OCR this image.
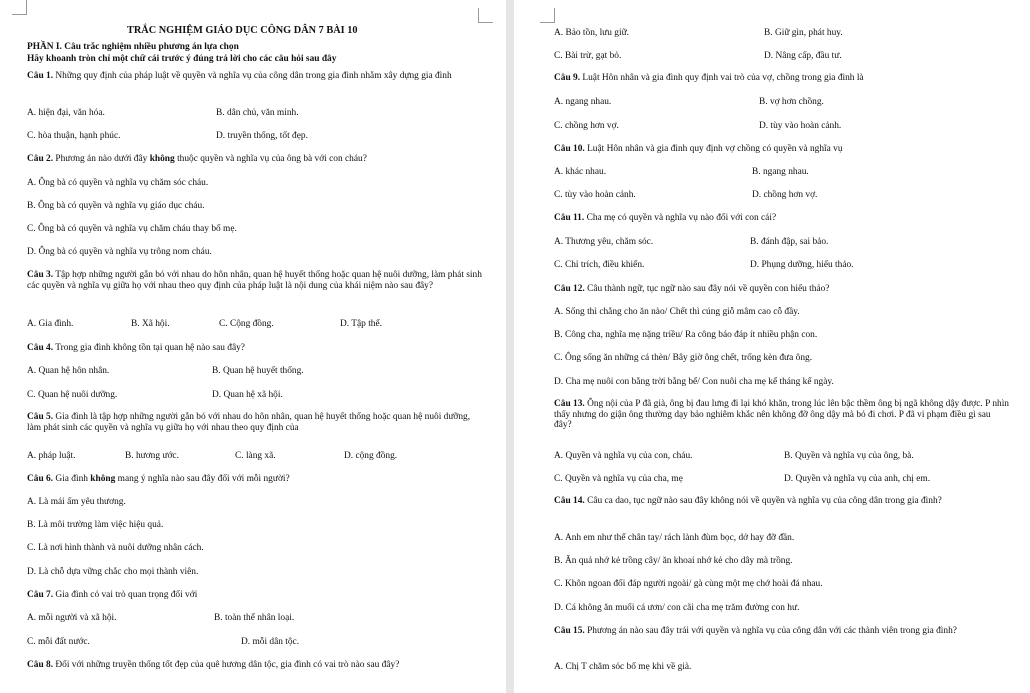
TRẮC NGHIỆM GIÁO DỤC CÔNG DÂN 7 BÀI 10
PHẦN I. Câu trắc nghiệm nhiều phương án lựa chọn
Hãy khoanh tròn chỉ một chữ cái trước ý đúng trả lời cho các câu hỏi sau đây
Câu 1. Những quy định của pháp luật về quyền và nghĩa vụ của công dân trong gia đình nhằm xây dựng gia đình
A. hiện đại, văn hóa.	B. dân chủ, văn minh.
C. hòa thuận, hạnh phúc.	D. truyền thống, tốt đẹp.
Câu 2. Phương án nào dưới đây không thuộc quyền và nghĩa vụ của ông bà với con cháu?
A. Ông bà có quyền và nghĩa vụ chăm sóc cháu.
B. Ông bà có quyền và nghĩa vụ giáo dục cháu.
C. Ông bà có quyền và nghĩa vụ chăm cháu thay bố mẹ.
D. Ông bà có quyền và nghĩa vụ trông nom cháu.
Câu 3. Tập hợp những người gắn bó với nhau do hôn nhân, quan hệ huyết thống hoặc quan hệ nuôi dưỡng, làm phát sinh các quyền và nghĩa vụ giữa họ với nhau theo quy định của pháp luật là nội dung của khái niệm nào sau đây?
A. Gia đình.	B. Xã hội.	C. Cộng đồng.	D. Tập thể.
Câu 4. Trong gia đình không tồn tại quan hệ nào sau đây?
A. Quan hệ hôn nhân.	B. Quan hệ huyết thống.
C. Quan hệ nuôi dưỡng.	D. Quan hệ xã hội.
Câu 5. Gia đình là tập hợp những người gắn bó với nhau do hôn nhân, quan hệ huyết thống hoặc quan hệ nuôi dưỡng, làm phát sinh các quyền và nghĩa vụ giữa họ với nhau theo quy định của
A. pháp luật.	B. hương ước.	C. làng xã.	D. cộng đồng.
Câu 6. Gia đình không mang ý nghĩa nào sau đây đối với mỗi người?
A. Là mái ấm yêu thương.
B. Là môi trường làm việc hiệu quả.
C. Là nơi hình thành và nuôi dưỡng nhân cách.
D. Là chỗ dựa vững chắc cho mọi thành viên.
Câu 7. Gia đình có vai trò quan trọng đối với
A. mỗi người và xã hội.	B. toàn thể nhân loại.
C. mỗi đất nước.	D. mỗi dân tộc.
Câu 8. Đối với những truyền thống tốt đẹp của quê hương dân tộc, gia đình có vai trò nào sau đây?
A. Bảo tồn, lưu giữ.	B. Giữ gìn, phát huy.
C. Bài trừ, gạt bỏ.	D. Nâng cấp, đầu tư.
Câu 9. Luật Hôn nhân và gia đình quy định vai trò của vợ, chồng trong gia đình là
A. ngang nhau.	B. vợ hơn chồng.
C. chồng hơn vợ.	D. tùy vào hoàn cảnh.
Câu 10. Luật Hôn nhân và gia đình quy định vợ chồng có quyền và nghĩa vụ
A. khác nhau.	B. ngang nhau.
C. tùy vào hoàn cảnh.	D. chồng hơn vợ.
Câu 11. Cha mẹ có quyền và nghĩa vụ nào đối với con cái?
A. Thương yêu, chăm sóc.	B. đánh đập, sai bảo.
C. Chỉ trích, điều khiển.	D. Phụng dưỡng, hiếu thảo.
Câu 12. Câu thành ngữ, tục ngữ nào sau đây nói về quyền con hiếu thảo?
A. Sống thì chẳng cho ăn nào/ Chết thì cúng giỗ mâm cao cỗ đầy.
B. Công cha, nghĩa mẹ nặng triều/ Ra công báo đáp ít nhiều phận con.
C. Ông sống ăn những cá thèn/ Bây giờ ông chết, trống kèn đưa ông.
D. Cha mẹ nuôi con bằng trời bằng bể/ Con nuôi cha mẹ kể tháng kể ngày.
Câu 13. Ông nội của P đã già, ông bị đau lưng đi lại khó khăn, trong lúc lên bậc thềm ông bị ngã không dậy được. P nhìn thấy nhưng do giận ông thường dạy bảo nghiêm khắc nên không đỡ ông dậy mà bỏ đi chơi. P đã vi phạm điều gì sau đây?
A. Quyền và nghĩa vụ của con, cháu.	B. Quyền và nghĩa vụ của ông, bà.
C. Quyền và nghĩa vụ của cha, mẹ	D. Quyền và nghĩa vụ của anh, chị em.
Câu 14. Câu ca dao, tục ngữ nào sau đây không nói về quyền và nghĩa vụ của công dân trong gia đình?
A. Anh em như thể chân tay/ rách lành đùm bọc, dở hay đỡ đần.
B. Ăn quả nhớ kẻ trồng cây/ ăn khoai nhớ kẻ cho dây mà trồng.
C. Khôn ngoan đối đáp người ngoài/ gà cùng một mẹ chớ hoài đá nhau.
D. Cá không ăn muối cá ươn/ con cãi cha mẹ trăm đường con hư.
Câu 15. Phương án nào sau đây trái với quyền và nghĩa vụ của công dân với các thành viên trong gia đình?
A. Chị T chăm sóc bố mẹ khi về già.
